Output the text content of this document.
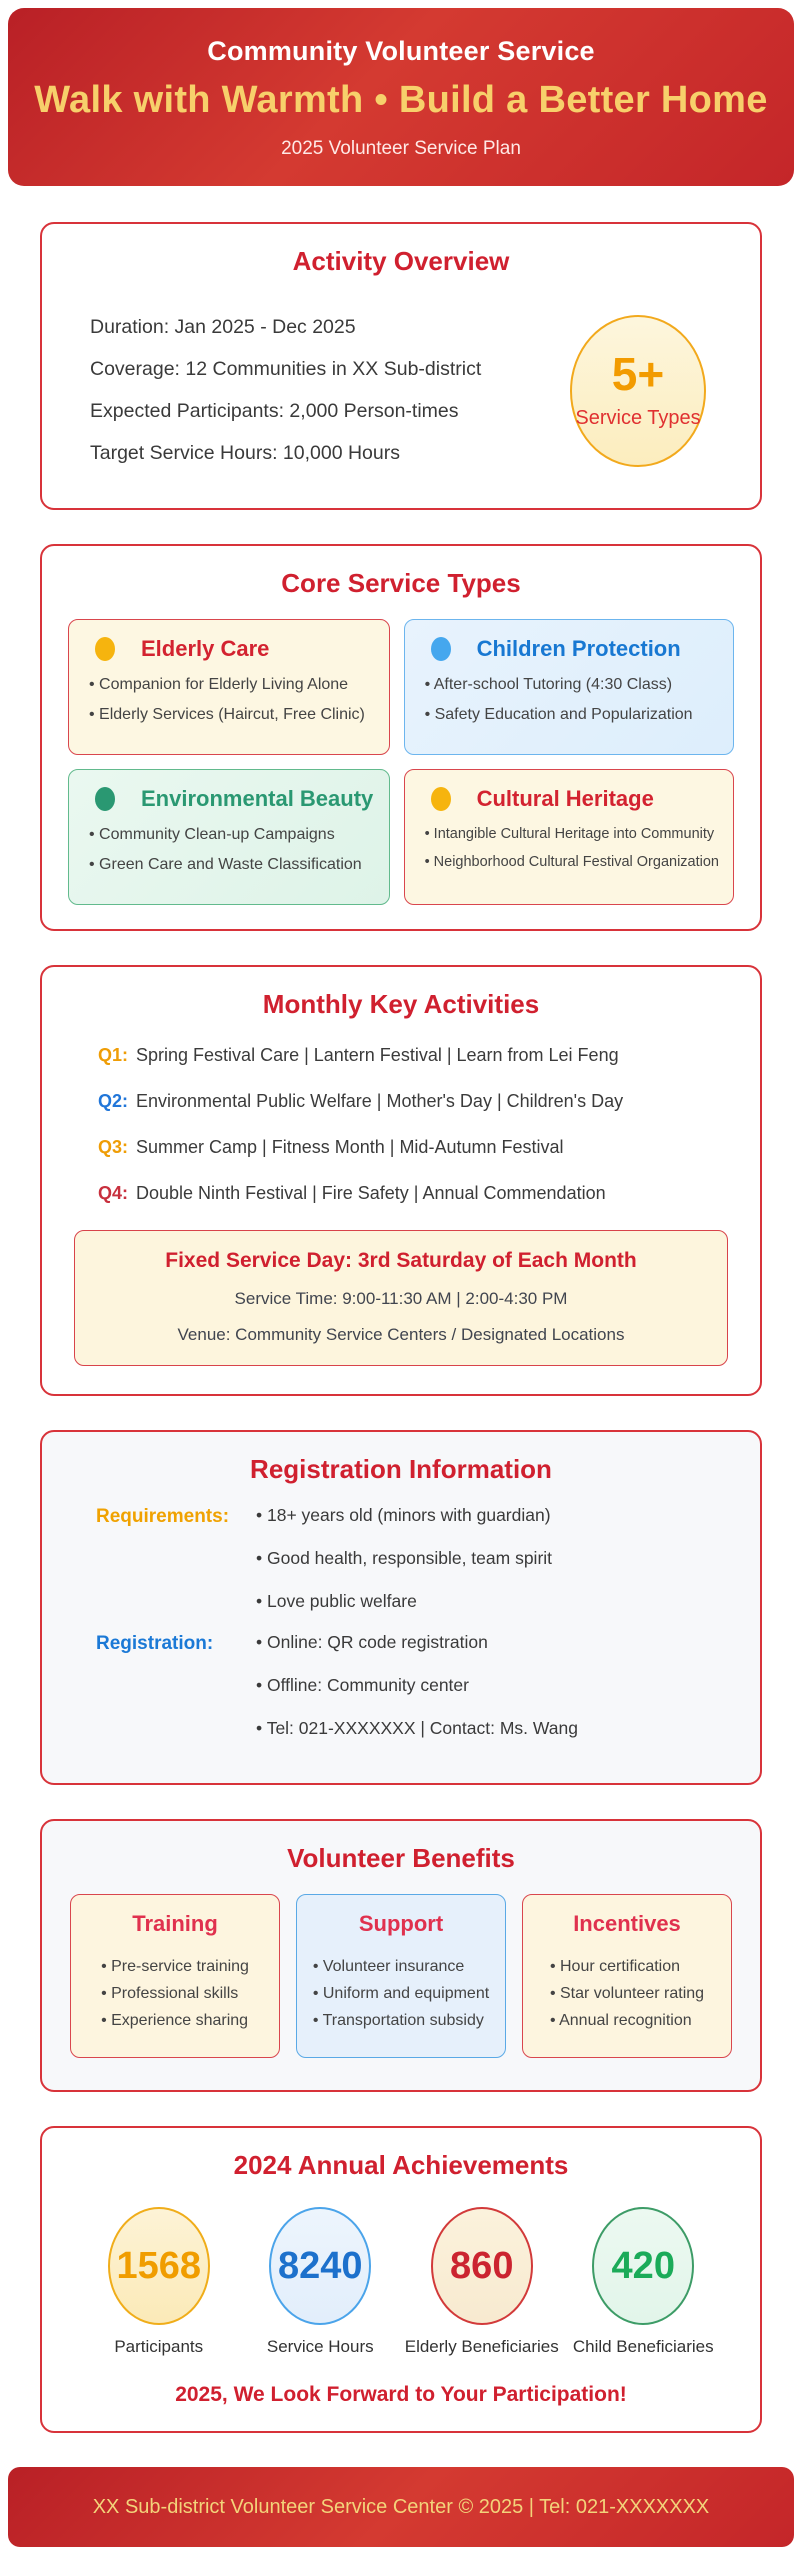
Community Volunteer Service
Walk with Warmth • Build a Better Home
2025 Volunteer Service Plan
Activity Overview
Duration: Jan 2025 - Dec 2025
Coverage: 12 Communities in XX Sub-district
Expected Participants: 2,000 Person-times
Target Service Hours: 10,000 Hours
5+
Service Types
Core Service Types
Elderly Care
• Companion for Elderly Living Alone
• Elderly Services (Haircut, Free Clinic)
Children Protection
• After-school Tutoring (4:30 Class)
• Safety Education and Popularization
Environmental Beauty
• Community Clean-up Campaigns
• Green Care and Waste Classification
Cultural Heritage
• Intangible Cultural Heritage into Community
• Neighborhood Cultural Festival Organization
Monthly Key Activities
Q1: Spring Festival Care | Lantern Festival | Learn from Lei Feng
Q2: Environmental Public Welfare | Mother's Day | Children's Day
Q3: Summer Camp | Fitness Month | Mid-Autumn Festival
Q4: Double Ninth Festival | Fire Safety | Annual Commendation
Fixed Service Day: 3rd Saturday of Each Month
Service Time: 9:00-11:30 AM | 2:00-4:30 PM
Venue: Community Service Centers / Designated Locations
Registration Information
Requirements:	• 18+ years old (minors with guardian)
• Good health, responsible, team spirit
• Love public welfare
Registration:	• Online: QR code registration
• Offline: Community center
• Tel: 021-XXXXXXX | Contact: Ms. Wang
Volunteer Benefits
Training
• Pre-service training
• Professional skills
• Experience sharing
Support
• Volunteer insurance
• Uniform and equipment
• Transportation subsidy
Incentives
• Hour certification
• Star volunteer rating
• Annual recognition
2024 Annual Achievements
1568
Participants
8240
Service Hours
860
Elderly Beneficiaries
420
Child Beneficiaries
2025, We Look Forward to Your Participation!
XX Sub-district Volunteer Service Center © 2025 | Tel: 021-XXXXXXX
